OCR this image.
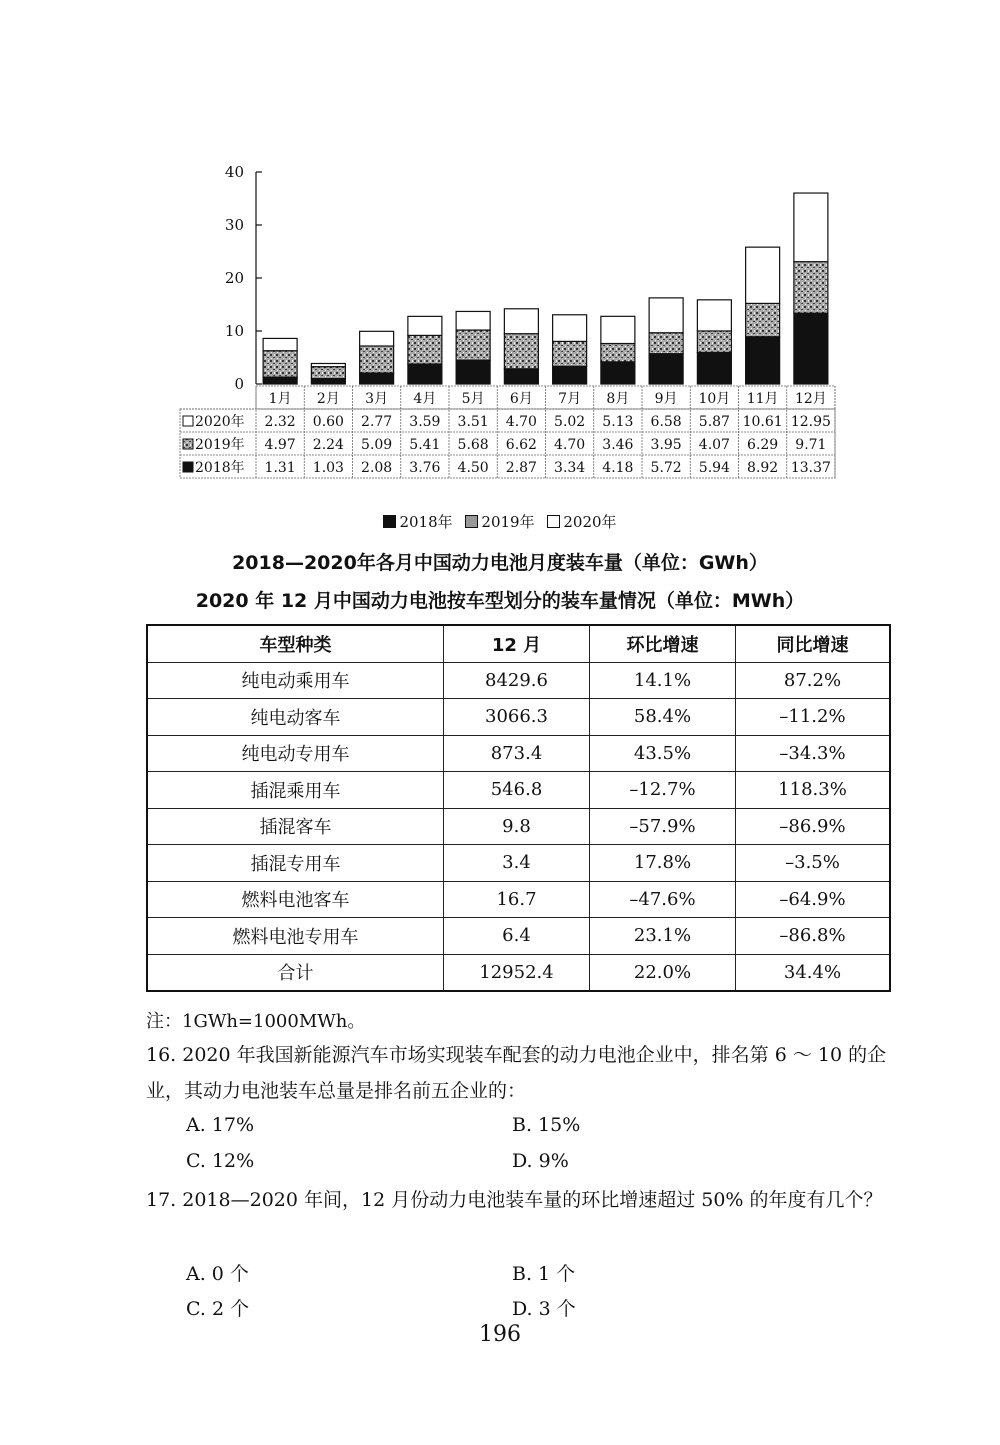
0
10
20
30
40
1月 2月 3月 4月 5月 6月 7月 8月 9月 10月 11月 12月
2020年 2.32 0.60 2.77 3.59 3.51 4.70 5.02 5.13 6.58 5.87 10.61 12.95
2019年 4.97 2.24 5.09 5.41 5.68 6.62 4.70 3.46 3.95 4.07 6.29 9.71
2018年 1.31 1.03 2.08 3.76 4.50 2.87 3.34 4.18 5.72 5.94 8.92 13.37
2018年 2019年 2020年
2018—2020年各月中国动力电池月度装车量（单位：GWh）
2020 年 12 月中国动力电池按车型划分的装车量情况（单位：MWh）
车型种类	12 月	环比增速	同比增速
纯电动乘用车	8429.6	14.1%	87.2%
纯电动客车	3066.3	58.4%	–11.2%
纯电动专用车	873.4	43.5%	–34.3%
插混乘用车	546.8	–12.7%	118.3%
插混客车	9.8	–57.9%	–86.9%
插混专用车	3.4	17.8%	–3.5%
燃料电池客车	16.7	–47.6%	–64.9%
燃料电池专用车	6.4	23.1%	–86.8%
合计	12952.4	22.0%	34.4%
注：1GWh=1000MWh。
16. 2020 年我国新能源汽车市场实现装车配套的动力电池企业中，排名第 6 ～ 10 的企业，其动力电池装车总量是排名前五企业的：
A. 17%	B. 15%
C. 12%	D. 9%
17. 2018—2020 年间，12 月份动力电池装车量的环比增速超过 50% 的年度有几个？
A. 0 个	B. 1 个
C. 2 个	D. 3 个
196
